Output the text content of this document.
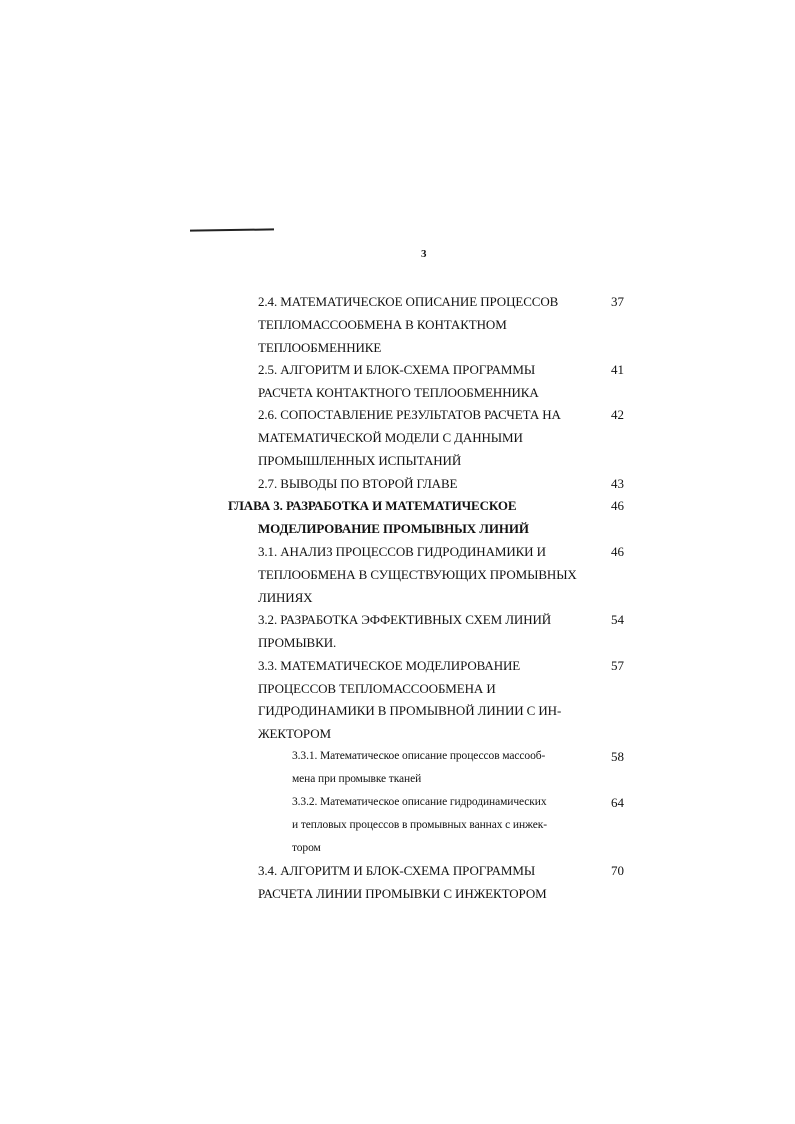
3
2.4. МАТЕМАТИЧЕСКОЕ ОПИСАНИЕ ПРОЦЕССОВ	37
ТЕПЛОМАССООБМЕНА В КОНТАКТНОМ
ТЕПЛООБМЕННИКЕ
2.5. АЛГОРИТМ И БЛОК-СХЕМА ПРОГРАММЫ	41
РАСЧЕТА КОНТАКТНОГО ТЕПЛООБМЕННИКА
2.6. СОПОСТАВЛЕНИЕ РЕЗУЛЬТАТОВ РАСЧЕТА НА	42
МАТЕМАТИЧЕСКОЙ МОДЕЛИ С ДАННЫМИ
ПРОМЫШЛЕННЫХ ИСПЫТАНИЙ
2.7. ВЫВОДЫ ПО ВТОРОЙ ГЛАВЕ	43
ГЛАВА 3. РАЗРАБОТКА И МАТЕМАТИЧЕСКОЕ	46
МОДЕЛИРОВАНИЕ ПРОМЫВНЫХ ЛИНИЙ
3.1. АНАЛИЗ ПРОЦЕССОВ ГИДРОДИНАМИКИ И	46
ТЕПЛООБМЕНА В СУЩЕСТВУЮЩИХ ПРОМЫВНЫХ
ЛИНИЯХ
3.2. РАЗРАБОТКА ЭФФЕКТИВНЫХ СХЕМ ЛИНИЙ	54
ПРОМЫВКИ.
3.3. МАТЕМАТИЧЕСКОЕ МОДЕЛИРОВАНИЕ	57
ПРОЦЕССОВ ТЕПЛОМАССООБМЕНА И
ГИДРОДИНАМИКИ В ПРОМЫВНОЙ ЛИНИИ С ИН-
ЖЕКТОРОМ
3.3.1. Математическое описание процессов массооб-	58
мена при промывке тканей
3.3.2. Математическое описание гидродинамических	64
и тепловых процессов в промывных ваннах с инжек-
тором
3.4. АЛГОРИТМ И БЛОК-СХЕМА ПРОГРАММЫ	70
РАСЧЕТА ЛИНИИ ПРОМЫВКИ С ИНЖЕКТОРОМ
